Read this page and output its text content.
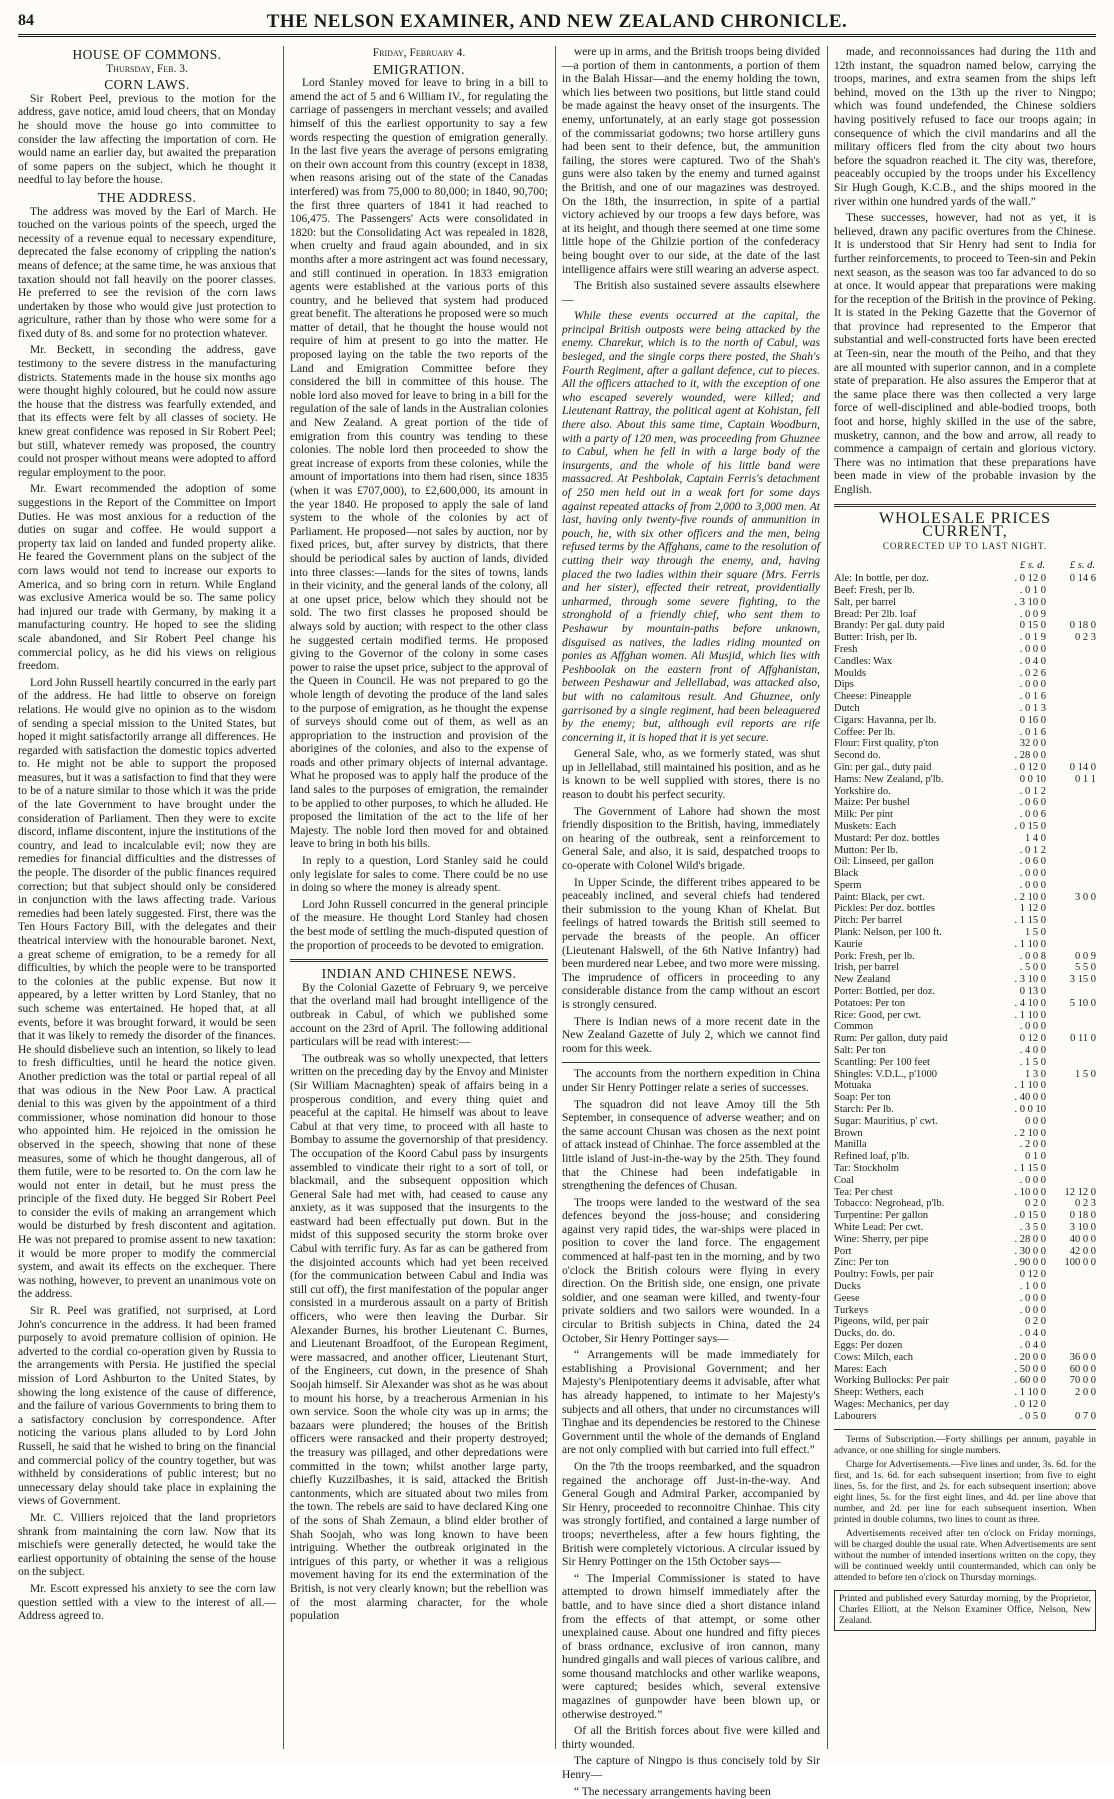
84	THE NELSON EXAMINER, AND NEW ZEALAND CHRONICLE.
HOUSE OF COMMONS.
Thursday, Feb. 3.
CORN LAWS.

Sir Robert Peel, previous to the motion for the address, gave notice, amid loud cheers, that on Monday he should move the house go into committee to consider the law affecting the importation of corn. He would name an earlier day, but awaited the preparation of some papers on the subject, which he thought it needful to lay before the house.

THE ADDRESS.

The address was moved by the Earl of March. He touched on the various points of the speech, urged the necessity of a revenue equal to necessary expenditure, deprecated the false economy of crippling the nation's means of defence; at the same time, he was anxious that taxation should not fall heavily on the poorer classes. He preferred to see the revision of the corn laws undertaken by those who would give just protection to agriculture, rather than by those who were some for a fixed duty of 8s. and some for no protection whatever.

Mr. Beckett, in seconding the address, gave testimony to the severe distress in the manufacturing districts. Statements made in the house six months ago were thought highly coloured, but he could now assure the house that the distress was fearfully extended, and that its effects were felt by all classes of society. He knew great confidence was reposed in Sir Robert Peel; but still, whatever remedy was proposed, the country could not prosper without means were adopted to afford regular employment to the poor.

Mr. Ewart recommended the adoption of some suggestions in the Report of the Committee on Import Duties. He was most anxious for a reduction of the duties on sugar and coffee. He would support a property tax laid on landed and funded property alike. He feared the Government plans on the subject of the corn laws would not tend to increase our exports to America, and so bring corn in return. While England was exclusive America would be so. The same policy had injured our trade with Germany, by making it a manufacturing country. He hoped to see the sliding scale abandoned, and Sir Robert Peel change his commercial policy, as he did his views on religious freedom.

Lord John Russell heartily concurred in the early part of the address. He had little to observe on foreign relations. He would give no opinion as to the wisdom of sending a special mission to the United States, but hoped it might satisfactorily arrange all differences. He regarded with satisfaction the domestic topics adverted to. He might not be able to support the proposed measures, but it was a satisfaction to find that they were to be of a nature similar to those which it was the pride of the late Government to have brought under the consideration of Parliament. Then they were to excite discord, inflame discontent, injure the institutions of the country, and lead to incalculable evil; now they are remedies for financial difficulties and the distresses of the people. The disorder of the public finances required correction; but that subject should only be considered in conjunction with the laws affecting trade. Various remedies had been lately suggested. First, there was the Ten Hours Factory Bill, with the delegates and their theatrical interview with the honourable baronet. Next, a great scheme of emigration, to be a remedy for all difficulties, by which the people were to be transported to the colonies at the public expense. But now it appeared, by a letter written by Lord Stanley, that no such scheme was entertained. He hoped that, at all events, before it was brought forward, it would be seen that it was likely to remedy the disorder of the finances. He should disbelieve such an intention, so likely to lead to fresh difficulties, until he heard the notice given. Another prediction was the total or partial repeal of all that was odious in the New Poor Law. A practical denial to this was given by the appointment of a third commissioner, whose nomination did honour to those who appointed him. He rejoiced in the omission he observed in the speech, showing that none of these measures, some of which he thought dangerous, all of them futile, were to be resorted to. On the corn law he would not enter in detail, but he must press the principle of the fixed duty. He begged Sir Robert Peel to consider the evils of making an arrangement which would be disturbed by fresh discontent and agitation. He was not prepared to promise assent to new taxation: it would be more proper to modify the commercial system, and await its effects on the exchequer. There was nothing, however, to prevent an unanimous vote on the address.

Sir R. Peel was gratified, not surprised, at Lord John's concurrence in the address. It had been framed purposely to avoid premature collision of opinion. He adverted to the cordial co-operation given by Russia to the arrangements with Persia. He justified the special mission of Lord Ashburton to the United States, by showing the long existence of the cause of difference, and the failure of various Governments to bring them to a satisfactory conclusion by correspondence. After noticing the various plans alluded to by Lord John Russell, he said that he wished to bring on the financial and commercial policy of the country together, but was withheld by considerations of public interest; but no unnecessary delay should take place in explaining the views of Government.

Mr. C. Villiers rejoiced that the land proprietors shrank from maintaining the corn law. Now that its mischiefs were generally detected, he would take the earliest opportunity of obtaining the sense of the house on the subject.

Mr. Escott expressed his anxiety to see the corn law question settled with a view to the interest of all.—Address agreed to.

Friday, February 4.
EMIGRATION.

Lord Stanley moved for leave to bring in a bill to amend the act of 5 and 6 William IV., for regulating the carriage of passengers in merchant vessels; and availed himself of this the earliest opportunity to say a few words respecting the question of emigration generally. In the last five years the average of persons emigrating on their own account from this country (except in 1838, when reasons arising out of the state of the Canadas interfered) was from 75,000 to 80,000; in 1840, 90,700; the first three quarters of 1841 it had reached to 106,475. The Passengers' Acts were consolidated in 1820: but the Consolidating Act was repealed in 1828, when cruelty and fraud again abounded, and in six months after a more astringent act was found necessary, and still continued in operation. In 1833 emigration agents were established at the various ports of this country, and he believed that system had produced great benefit. The alterations he proposed were so much matter of detail, that he thought the house would not require of him at present to go into the matter. He proposed laying on the table the two reports of the Land and Emigration Committee before they considered the bill in committee of this house. The noble lord also moved for leave to bring in a bill for the regulation of the sale of lands in the Australian colonies and New Zealand. A great portion of the tide of emigration from this country was tending to these colonies. The noble lord then proceeded to show the great increase of exports from these colonies, while the amount of importations into them had risen, since 1835 (when it was £707,000), to £2,600,000, its amount in the year 1840. He proposed to apply the sale of land system to the whole of the colonies by act of Parliament. He proposed—not sales by auction, nor by fixed prices, but, after survey by districts, that there should be periodical sales by auction of lands, divided into three classes:—lands for the sites of towns, lands in their vicinity, and the general lands of the colony, all at one upset price, below which they should not be sold. The two first classes he proposed should be always sold by auction; with respect to the other class he suggested certain modified terms. He proposed giving to the Governor of the colony in some cases power to raise the upset price, subject to the approval of the Queen in Council. He was not prepared to go the whole length of devoting the produce of the land sales to the purpose of emigration, as he thought the expense of surveys should come out of them, as well as an appropriation to the instruction and provision of the aborigines of the colonies, and also to the expense of roads and other primary objects of internal advantage. What he proposed was to apply half the produce of the land sales to the purposes of emigration, the remainder to be applied to other purposes, to which he alluded. He proposed the limitation of the act to the life of her Majesty. The noble lord then moved for and obtained leave to bring in both his bills.

In reply to a question, Lord Stanley said he could only legislate for sales to come. There could be no use in doing so where the money is already spent.

Lord John Russell concurred in the general principle of the measure. He thought Lord Stanley had chosen the best mode of settling the much-disputed question of the proportion of proceeds to be devoted to emigration.

INDIAN AND CHINESE NEWS.

By the Colonial Gazette of February 9, we perceive that the overland mail had brought intelligence of the outbreak in Cabul, of which we published some account on the 23rd of April. The following additional particulars will be read with interest:—

The outbreak was so wholly unexpected, that letters written on the preceding day by the Envoy and Minister (Sir William Macnaghten) speak of affairs being in a prosperous condition, and every thing quiet and peaceful at the capital. He himself was about to leave Cabul at that very time, to proceed with all haste to Bombay to assume the governorship of that presidency. The occupation of the Koord Cabul pass by insurgents assembled to vindicate their right to a sort of toll, or blackmail, and the subsequent opposition which General Sale had met with, had ceased to cause any anxiety, as it was supposed that the insurgents to the eastward had been effectually put down. But in the midst of this supposed security the storm broke over Cabul with terrific fury. As far as can be gathered from the disjointed accounts which had yet been received (for the communication between Cabul and India was still cut off), the first manifestation of the popular anger consisted in a murderous assault on a party of British officers, who were then leaving the Durbar. Sir Alexander Burnes, his brother Lieutenant C. Burnes, and Lieutenant Broadfoot, of the European Regiment, were massacred, and another officer, Lieutenant Sturt, of the Engineers, cut down, in the presence of Shah Soojah himself. Sir Alexander was shot as he was about to mount his horse, by a treacherous Armenian in his own service. Soon the whole city was up in arms; the bazaars were plundered; the houses of the British officers were ransacked and their property destroyed; the treasury was pillaged, and other depredations were committed in the town; whilst another large party, chiefly Kuzzilbashes, it is said, attacked the British cantonments, which are situated about two miles from the town. The rebels are said to have declared King one of the sons of Shah Zemaun, a blind elder brother of Shah Soojah, who was long known to have been intriguing. Whether the outbreak originated in the intrigues of this party, or whether it was a religious movement having for its end the extermination of the British, is not very clearly known; but the rebellion was of the most alarming character, for the whole population

were up in arms, and the British troops being divided—a portion of them in cantonments, a portion of them in the Balah Hissar—and the enemy holding the town, which lies between two positions, but little stand could be made against the heavy onset of the insurgents. The enemy, unfortunately, at an early stage got possession of the commissariat godowns; two horse artillery guns had been sent to their defence, but, the ammunition failing, the stores were captured. Two of the Shah's guns were also taken by the enemy and turned against the British, and one of our magazines was destroyed. On the 18th, the insurrection, in spite of a partial victory achieved by our troops a few days before, was at its height, and though there seemed at one time some little hope of the Ghilzie portion of the confederacy being bought over to our side, at the date of the last intelligence affairs were still wearing an adverse aspect.

The British also sustained severe assaults elsewhere—

While these events occurred at the capital, the principal British outposts were being attacked by the enemy. Charekur, which is to the north of Cabul, was besieged, and the single corps there posted, the Shah's Fourth Regiment, after a gallant defence, cut to pieces. All the officers attached to it, with the exception of one who escaped severely wounded, were killed; and Lieutenant Rattray, the political agent at Kohistan, fell there also. About this same time, Captain Woodburn, with a party of 120 men, was proceeding from Ghuznee to Cabul, when he fell in with a large body of the insurgents, and the whole of his little band were massacred. At Peshbolak, Captain Ferris's detachment of 250 men held out in a weak fort for some days against repeated attacks of from 2,000 to 3,000 men. At last, having only twenty-five rounds of ammunition in pouch, he, with six other officers and the men, being refused terms by the Affghans, came to the resolution of cutting their way through the enemy, and, having placed the two ladies within their square (Mrs. Ferris and her sister), effected their retreat, providentially unharmed, through some severe fighting, to the stronghold of a friendly chief, who sent them to Peshawur by mountain-paths before unknown, disguised as natives, the ladies riding mounted on ponies as Affghan women. Ali Musjid, which lies with Peshboolak on the eastern front of Affghanistan, between Peshawur and Jellellabad, was attacked also, but with no calamitous result. And Ghuznee, only garrisoned by a single regiment, had been beleaguered by the enemy; but, although evil reports are rife concerning it, it is hoped that it is yet secure.

General Sale, who, as we formerly stated, was shut up in Jellellabad, still maintained his position, and as he is known to be well supplied with stores, there is no reason to doubt his perfect security.

The Government of Lahore had shown the most friendly disposition to the British, having, immediately on hearing of the outbreak, sent a reinforcement to General Sale, and also, it is said, despatched troops to co-operate with Colonel Wild's brigade.

In Upper Scinde, the different tribes appeared to be peaceably inclined, and several chiefs had tendered their submission to the young Khan of Khelat. But feelings of hatred towards the British still seemed to pervade the breasts of the people. An officer (Lieutenant Halswell, of the 6th Native Infantry) had been murdered near Lebee, and two more were missing. The imprudence of officers in proceeding to any considerable distance from the camp without an escort is strongly censured.

There is Indian news of a more recent date in the New Zealand Gazette of July 2, which we cannot find room for this week.

The accounts from the northern expedition in China under Sir Henry Pottinger relate a series of successes.

The squadron did not leave Amoy till the 5th September, in consequence of adverse weather; and on the same account Chusan was chosen as the next point of attack instead of Chinhae. The force assembled at the little island of Just-in-the-way by the 25th. They found that the Chinese had been indefatigable in strengthening the defences of Chusan.

The troops were landed to the westward of the sea defences beyond the joss-house; and considering against very rapid tides, the war-ships were placed in position to cover the land force. The engagement commenced at half-past ten in the morning, and by two o'clock the British colours were flying in every direction. On the British side, one ensign, one private soldier, and one seaman were killed, and twenty-four private soldiers and two sailors were wounded. In a circular to British subjects in China, dated the 24 October, Sir Henry Pottinger says—

“ Arrangements will be made immediately for establishing a Provisional Government; and her Majesty's Plenipotentiary deems it advisable, after what has already happened, to intimate to her Majesty's subjects and all others, that under no circumstances will Tinghae and its dependencies be restored to the Chinese Government until the whole of the demands of England are not only complied with but carried into full effect.”

On the 7th the troops reembarked, and the squadron regained the anchorage off Just-in-the-way. And General Gough and Admiral Parker, accompanied by Sir Henry, proceeded to reconnoitre Chinhae. This city was strongly fortified, and contained a large number of troops; nevertheless, after a few hours fighting, the British were completely victorious. A circular issued by Sir Henry Pottinger on the 15th October says—

“ The Imperial Commissioner is stated to have attempted to drown himself immediately after the battle, and to have since died a short distance inland from the effects of that attempt, or some other unexplained cause. About one hundred and fifty pieces of brass ordnance, exclusive of iron cannon, many hundred gingalls and wall pieces of various calibre, and some thousand matchlocks and other warlike weapons, were captured; besides which, several extensive magazines of gunpowder have been blown up, or otherwise destroyed.”

Of all the British forces about five were killed and thirty wounded.

The capture of Ningpo is thus concisely told by Sir Henry—

“ The necessary arrangements having been

made, and reconnoissances had during the 11th and 12th instant, the squadron named below, carrying the troops, marines, and extra seamen from the ships left behind, moved on the 13th up the river to Ningpo; which was found undefended, the Chinese soldiers having positively refused to face our troops again; in consequence of which the civil mandarins and all the military officers fled from the city about two hours before the squadron reached it. The city was, therefore, peaceably occupied by the troops under his Excellency Sir Hugh Gough, K.C.B., and the ships moored in the river within one hundred yards of the wall.”

These successes, however, had not as yet, it is believed, drawn any pacific overtures from the Chinese. It is understood that Sir Henry had sent to India for further reinforcements, to proceed to Teen-sin and Pekin next season, as the season was too far advanced to do so at once. It would appear that preparations were making for the reception of the British in the province of Peking. It is stated in the Peking Gazette that the Governor of that province had represented to the Emperor that substantial and well-constructed forts have been erected at Teen-sin, near the mouth of the Peiho, and that they are all mounted with superior cannon, and in a complete state of preparation. He also assures the Emperor that at the same place there was then collected a very large force of well-disciplined and able-bodied troops, both foot and horse, highly skilled in the use of the sabre, musketry, cannon, and the bow and arrow, all ready to commence a campaign of certain and glorious victory. There was no intimation that these preparations have been made in view of the probable invasion by the English.

WHOLESALE PRICES CURRENT,
CORRECTED UP TO LAST NIGHT.
	£ s. d.	£ s. d.
Ale: In bottle, per doz.	. 0 12 0	0 14 6
Beef: Fresh, per lb.	. 0 1 0	
Salt, per barrel	. 3 10 0	
Bread: Per 2lb. loaf	. 0 0 9	
Brandy: Per gal. duty paid	0 15 0	0 18 0
Butter: Irish, per lb.	. 0 1 9	0 2 3
Fresh	. 0 0 0	
Candles: Wax	. 0 4 0	
Moulds	. 0 2 6	
Dips	. 0 0 0	
Cheese: Pineapple	. 0 1 6	
Dutch	. 0 1 3	
Cigars: Havanna, per lb.	0 16 0	
Coffee: Per lb.	. 0 1 6	
Flour: First quality, p'ton	32 0 0	
Second do.	. 28 0 0	
Gin: per gal., duty paid	. 0 12 0	0 14 0
Hams: New Zealand, p'lb.	0 0 10	0 1 1
Yorkshire do.	. 0 1 2	
Maize: Per bushel	. 0 6 0	
Milk: Per pint	. 0 0 6	
Muskets: Each	. 0 15 0	
Mustard: Per doz. bottles	1 4 0	
Mutton: Per lb.	. 0 1 2	
Oil: Linseed, per gallon	. 0 6 0	
Black	. 0 0 0	
Sperm	. 0 0 0	
Paint: Black, per cwt.	. 2 10 0	3 0 0
Pickles: Per doz. bottles	1 12 0	
Pitch: Per barrel	. 1 15 0	
Plank: Nelson, per 100 ft.	1 5 0	
Kaurie	. 1 10 0	
Pork: Fresh, per lb.	. 0 0 8	0 0 9
Irish, per barrel	. 5 0 0	5 5 0
New Zealand	. 3 10 0	3 15 0
Porter: Bottled, per doz.	0 13 0	
Potatoes: Per ton	. 4 10 0	5 10 0
Rice: Good, per cwt.	. 1 10 0	
Common	. 0 0 0	
Rum: Per gallon, duty paid	0 12 0	0 11 0
Salt: Per ton	. 4 0 0	
Scantling: Per 100 feet	. 1 5 0	
Shingles: V.D.L., p'1000	1 3 0	1 5 0
Motuaka	. 1 10 0	
Soap: Per ton	. 40 0 0	
Starch: Per lb.	. 0 0 10	
Sugar: Mauritius, p' cwt.	0 0 0	
Brown	. 2 10 0	
Manilla	. 2 0 0	
Refined loaf, p'lb.	0 1 0	
Tar: Stockholm	. 1 15 0	
Coal	. 0 0 0	
Tea: Per chest	. 10 0 0	12 12 0
Tobacco: Negrohead, p'lb.	0 2 0	0 2 3
Turpentine: Per gallon	. 0 15 0	0 18 0
White Lead: Per cwt.	. 3 5 0	3 10 0
Wine: Sherry, per pipe	. 28 0 0	40 0 0
Port	. 30 0 0	42 0 0
Zinc: Per ton	. 90 0 0	100 0 0
Poultry: Fowls, per pair	0 12 0	
Ducks	. 1 0 0	
Geese	. 0 0 0	
Turkeys	. 0 0 0	
Pigeons, wild, per pair	0 2 0	
Ducks, do. do.	. 0 4 0	
Eggs: Per dozen	. 0 4 0	
Cows: Milch, each	. 20 0 0	36 0 0
Mares: Each	. 50 0 0	60 0 0
Working Bullocks: Per pair	. 60 0 0	70 0 0
Sheep: Wethers, each	. 1 10 0	2 0 0
Wages: Mechanics, per day	. 0 12 0	
Labourers	. 0 5 0	0 7 0

Terms of Subscription.—Forty shillings per annum, payable in advance, or one shilling for single numbers.

Charge for Advertisements.—Five lines and under, 3s. 6d. for the first, and 1s. 6d. for each subsequent insertion; from five to eight lines, 5s. for the first, and 2s. for each subsequent insertion; above eight lines, 5s. for the first eight lines, and 4d. per line above that number, and 2d. per line for each subsequent insertion. When printed in double columns, two lines to count as three.

Advertisements received after ten o'clock on Friday mornings, will be charged double the usual rate. When Advertisements are sent without the number of intended insertions written on the copy, they will be continued weekly until countermanded, which can only be attended to before ten o'clock on Thursday mornings.

Printed and published every Saturday morning, by the Proprietor, Charles Elliott, at the Nelson Examiner Office, Nelson, New Zealand.
